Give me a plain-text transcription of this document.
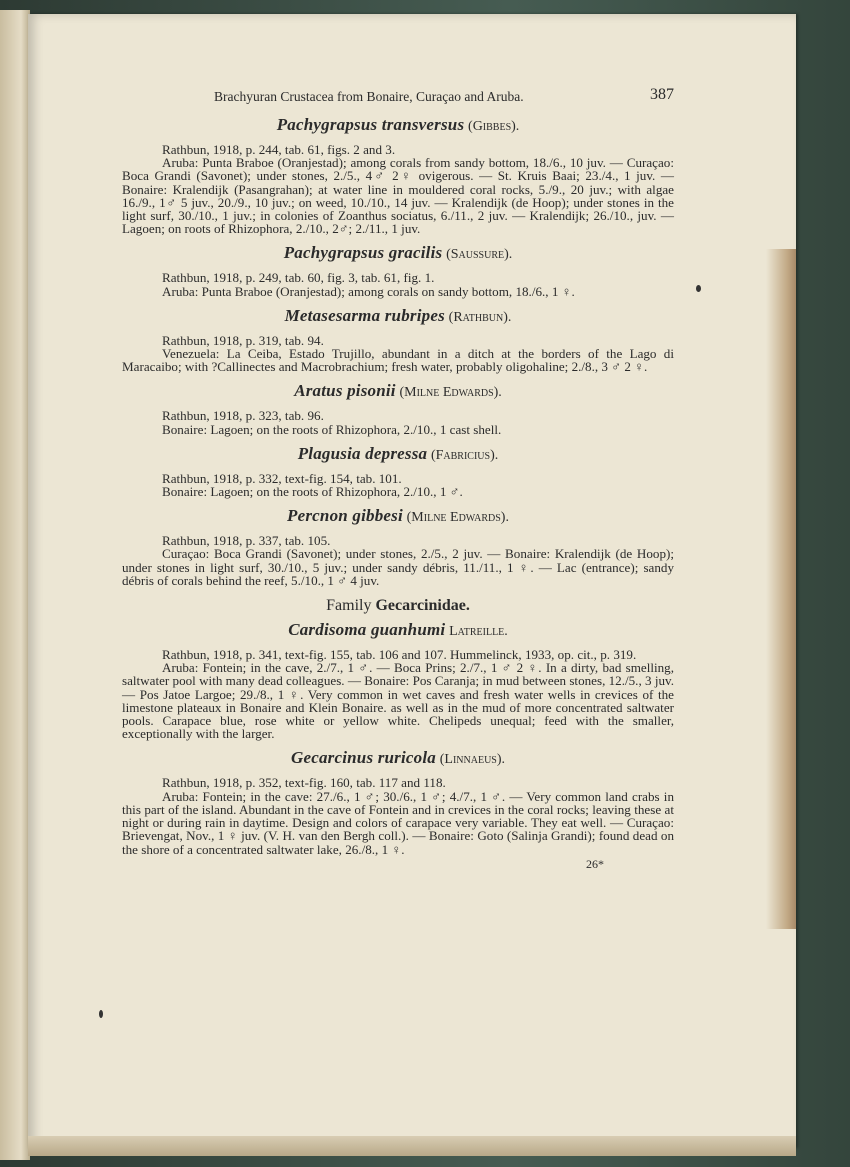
Brachyuran Crustacea from Bonaire, Curaçao and Aruba.	387
Pachygrapsus transversus (Gibbes).

Rathbun, 1918, p. 244, tab. 61, figs. 2 and 3.

Aruba: Punta Braboe (Oranjestad); among corals from sandy bottom, 18./6., 10 juv. — Curaçao: Boca Grandi (Savonet); under stones, 2./5., 4♂ 2♀ ovigerous. — St. Kruis Baai; 23./4., 1 juv. — Bonaire: Kralendijk (Pasangrahan); at water line in mouldered coral rocks, 5./9., 20 juv.; with algae 16./9., 1♂ 5 juv., 20./9., 10 juv.; on weed, 10./10., 14 juv. — Kralendijk (de Hoop); under stones in the light surf, 30./10., 1 juv.; in colonies of Zoanthus sociatus, 6./11., 2 juv. — Kralendijk; 26./10., juv. — Lagoen; on roots of Rhizophora, 2./10., 2♂; 2./11., 1 juv.

Pachygrapsus gracilis (Saussure).

Rathbun, 1918, p. 249, tab. 60, fig. 3, tab. 61, fig. 1.

Aruba: Punta Braboe (Oranjestad); among corals on sandy bottom, 18./6., 1 ♀.

Metasesarma rubripes (Rathbun).

Rathbun, 1918, p. 319, tab. 94.

Venezuela: La Ceiba, Estado Trujillo, abundant in a ditch at the borders of the Lago di Maracaibo; with ?Callinectes and Macrobrachium; fresh water, probably oligohaline; 2./8., 3 ♂ 2 ♀.

Aratus pisonii (Milne Edwards).

Rathbun, 1918, p. 323, tab. 96.

Bonaire: Lagoen; on the roots of Rhizophora, 2./10., 1 cast shell.

Plagusia depressa (Fabricius).

Rathbun, 1918, p. 332, text-fig. 154, tab. 101.

Bonaire: Lagoen; on the roots of Rhizophora, 2./10., 1 ♂.

Percnon gibbesi (Milne Edwards).

Rathbun, 1918, p. 337, tab. 105.

Curaçao: Boca Grandi (Savonet); under stones, 2./5., 2 juv. — Bonaire: Kralendijk (de Hoop); under stones in light surf, 30./10., 5 juv.; under sandy débris, 11./11., 1 ♀. — Lac (entrance); sandy débris of corals behind the reef, 5./10., 1 ♂ 4 juv.

Family Gecarcinidae.
Cardisoma guanhumi Latreille.

Rathbun, 1918, p. 341, text-fig. 155, tab. 106 and 107. Hummelinck, 1933, op. cit., p. 319.

Aruba: Fontein; in the cave, 2./7., 1 ♂. — Boca Prins; 2./7., 1 ♂ 2 ♀. In a dirty, bad smelling, saltwater pool with many dead colleagues. — Bonaire: Pos Caranja; in mud between stones, 12./5., 3 juv. — Pos Jatoe Largoe; 29./8., 1 ♀. Very common in wet caves and fresh water wells in crevices of the limestone plateaux in Bonaire and Klein Bonaire. as well as in the mud of more concentrated saltwater pools. Carapace blue, rose white or yellow white. Chelipeds unequal; feed with the smaller, exceptionally with the larger.

Gecarcinus ruricola (Linnaeus).

Rathbun, 1918, p. 352, text-fig. 160, tab. 117 and 118.

Aruba: Fontein; in the cave: 27./6., 1 ♂; 30./6., 1 ♂; 4./7., 1 ♂. — Very common land crabs in this part of the island. Abundant in the cave of Fontein and in crevices in the coral rocks; leaving these at night or during rain in daytime. Design and colors of carapace very variable. They eat well. — Curaçao: Brievengat, Nov., 1 ♀ juv. (V. H. van den Bergh coll.). — Bonaire: Goto (Salinja Grandi); found dead on the shore of a concentrated saltwater lake, 26./8., 1 ♀.

26*
